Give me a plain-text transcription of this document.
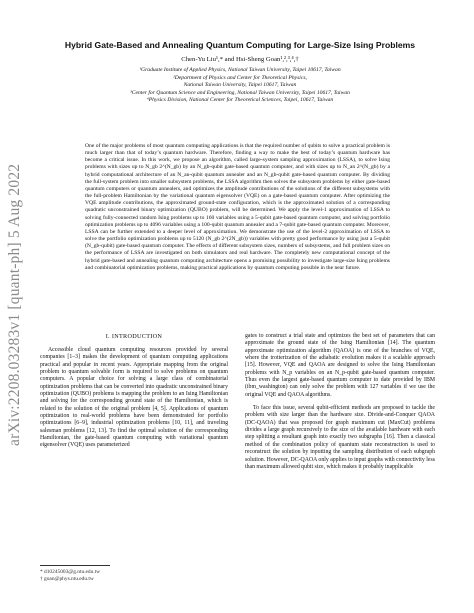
arXiv:2208.03283v1 [quant-ph] 5 Aug 2022
Hybrid Gate-Based and Annealing Quantum Computing for Large-Size Ising Problems
Chen-Yu Liu¹,* and Hsi-Sheng Goan¹,²,³,⁴,†
¹Graduate Institute of Applied Physics, National Taiwan University, Taipei 10617, Taiwan
²Department of Physics and Center for Theoretical Physics,
National Taiwan University, Taipei 10617, Taiwan
³Center for Quantum Science and Engineering, National Taiwan University, Taipei 10617, Taiwan
⁴Physics Division, National Center for Theoretical Sciences, Taipei, 10617, Taiwan
One of the major problems of most quantum computing applications is that the required number of qubits to solve a practical problem is much larger than that of today’s quantum hardware. Therefore, finding a way to make the best of today’s quantum hardware has become a critical issue. In this work, we propose an algorithm, called large-system sampling approximation (LSSA), to solve Ising problems with sizes up to N_gb 2^(N_gb) by an N_gb-qubit gate-based quantum computer, and with sizes up to N_an 2^(N_gb) by a hybrid computational architecture of an N_an-qubit quantum annealer and an N_gb-qubit gate-based quantum computer. By dividing the full-system problem into smaller subsystem problems, the LSSA algorithm then solves the subsystem problems by either gate-based quantum computers or quantum annealers, and optimizes the amplitude contributions of the solutions of the different subsystems with the full-problem Hamiltonian by the variational quantum eigensolver (VQE) on a gate-based quantum computer. After optimizing the VQE amplitude contributions, the approximated ground-state configuration, which is the approximated solution of a corresponding quadratic unconstrained binary optimization (QUBO) problem, will be determined. We apply the level-1 approximation of LSSA to solving fully-connected random Ising problems up to 160 variables using a 5-qubit gate-based quantum computer, and solving portfolio optimization problems up to 4096 variables using a 100-qubit quantum annealer and a 7-qubit gate-based quantum computer. Moreover, LSSA can be further extended to a deeper level of approximation. We demonstrate the use of the level-2 approximation of LSSA to solve the portfolio optimization problems up to 5120 (N_gb 2^(2N_gb)) variables with pretty good performance by using just a 5-qubit (N_gb-qubit) gate-based quantum computer. The effects of different subsystem sizes, numbers of subsystems, and full problem sizes on the performance of LSSA are investigated on both simulators and real hardware. The completely new computational concept of the hybrid gate-based and annealing quantum computing architecture opens a promising possibility to investigate large-size Ising problems and combinatorial optimization problems, making practical applications by quantum computing possible in the near future.
I. INTRODUCTION

Accessible cloud quantum computing resources provided by several companies [1–3] makes the development of quantum computing applications practical and popular in recent years. Appropriate mapping from the original problem to quantum solvable form is required to solve problems on quantum computers. A popular choice for solving a large class of combinatorial optimization problems that can be converted into quadratic unconstrained binary optimization (QUBO) problems is mapping the problem to an Ising Hamiltonian and solving for the corresponding ground state of the Hamiltonian, which is related to the solution of the original problem [4, 5]. Applications of quantum optimization to real-world problems have been demonstrated for portfolio optimizations [6–9], industrial optimization problems [10, 11], and traveling salesman problems [12, 13]. To find the optimal solution of the corresponding Hamiltonian, the gate-based quantum computing with variational quantum eigensolver (VQE) uses parameterized

gates to construct a trial state and optimizes the best set of parameters that can approximate the ground state of the Ising Hamiltonian [14]. The quantum approximate optimization algorithm (QAOA) is one of the branches of VQE, where the trotterization of the adiabatic evolution makes it a scalable approach [15]. However, VQE and QAOA are designed to solve the Ising Hamiltonian problems with N_p variables on an N_p-qubit gate-based quantum computer. Thus even the largest gate-based quantum computer to date provided by IBM (ibm_washington) can only solve the problem with 127 variables if we use the original VQE and QAOA algorithms.

To face this issue, several qubit-efficient methods are proposed to tackle the problem with size larger than the hardware size. Divide-and-Conquer QAOA (DC-QAOA) that was proposed for graph maximum cut (MaxCut) problems divides a large graph recursively to the size of the available hardware with each step splitting a resultant graph into exactly two subgraphs [16]. Then a classical method of the combination policy of quantum state reconstruction is used to reconstruct the solution by inputting the sampling distribution of each subgraph solution. However, DC-QAOA only applies to input graphs with connectivity less than maximum allowed qubit size, which makes it probably inapplicable

* d10245003@g.ntu.edu.tw
† goan@phys.ntu.edu.tw
